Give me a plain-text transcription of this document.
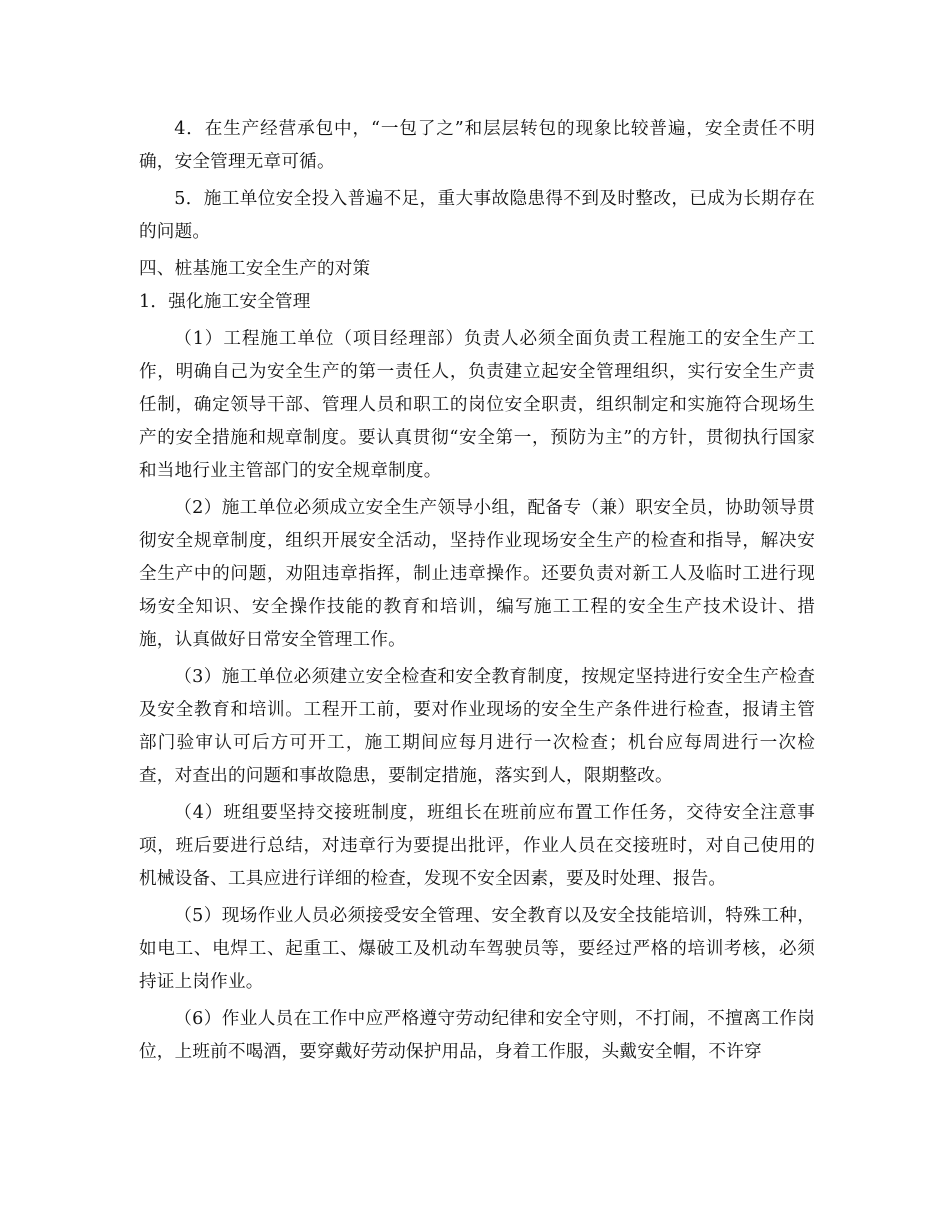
4．在生产经营承包中，“一包了之”和层层转包的现象比较普遍，安全责任不明确，安全管理无章可循。

5．施工单位安全投入普遍不足，重大事故隐患得不到及时整改，已成为长期存在的问题。

四、桩基施工安全生产的对策

1．强化施工安全管理

（1）工程施工单位（项目经理部）负责人必须全面负责工程施工的安全生产工作，明确自己为安全生产的第一责任人，负责建立起安全管理组织，实行安全生产责任制，确定领导干部、管理人员和职工的岗位安全职责，组织制定和实施符合现场生产的安全措施和规章制度。要认真贯彻“安全第一，预防为主”的方针，贯彻执行国家和当地行业主管部门的安全规章制度。

（2）施工单位必须成立安全生产领导小组，配备专（兼）职安全员，协助领导贯彻安全规章制度，组织开展安全活动，坚持作业现场安全生产的检查和指导，解决安全生产中的问题，劝阻违章指挥，制止违章操作。还要负责对新工人及临时工进行现场安全知识、安全操作技能的教育和培训，编写施工工程的安全生产技术设计、措施，认真做好日常安全管理工作。

（3）施工单位必须建立安全检查和安全教育制度，按规定坚持进行安全生产检查及安全教育和培训。工程开工前，要对作业现场的安全生产条件进行检查，报请主管部门验审认可后方可开工，施工期间应每月进行一次检查；机台应每周进行一次检查，对查出的问题和事故隐患，要制定措施，落实到人，限期整改。

（4）班组要坚持交接班制度，班组长在班前应布置工作任务，交待安全注意事项，班后要进行总结，对违章行为要提出批评，作业人员在交接班时，对自己使用的机械设备、工具应进行详细的检查，发现不安全因素，要及时处理、报告。

（5）现场作业人员必须接受安全管理、安全教育以及安全技能培训，特殊工种，如电工、电焊工、起重工、爆破工及机动车驾驶员等，要经过严格的培训考核，必须持证上岗作业。

（6）作业人员在工作中应严格遵守劳动纪律和安全守则，不打闹，不擅离工作岗位，上班前不喝酒，要穿戴好劳动保护用品，身着工作服，头戴安全帽，不许穿
